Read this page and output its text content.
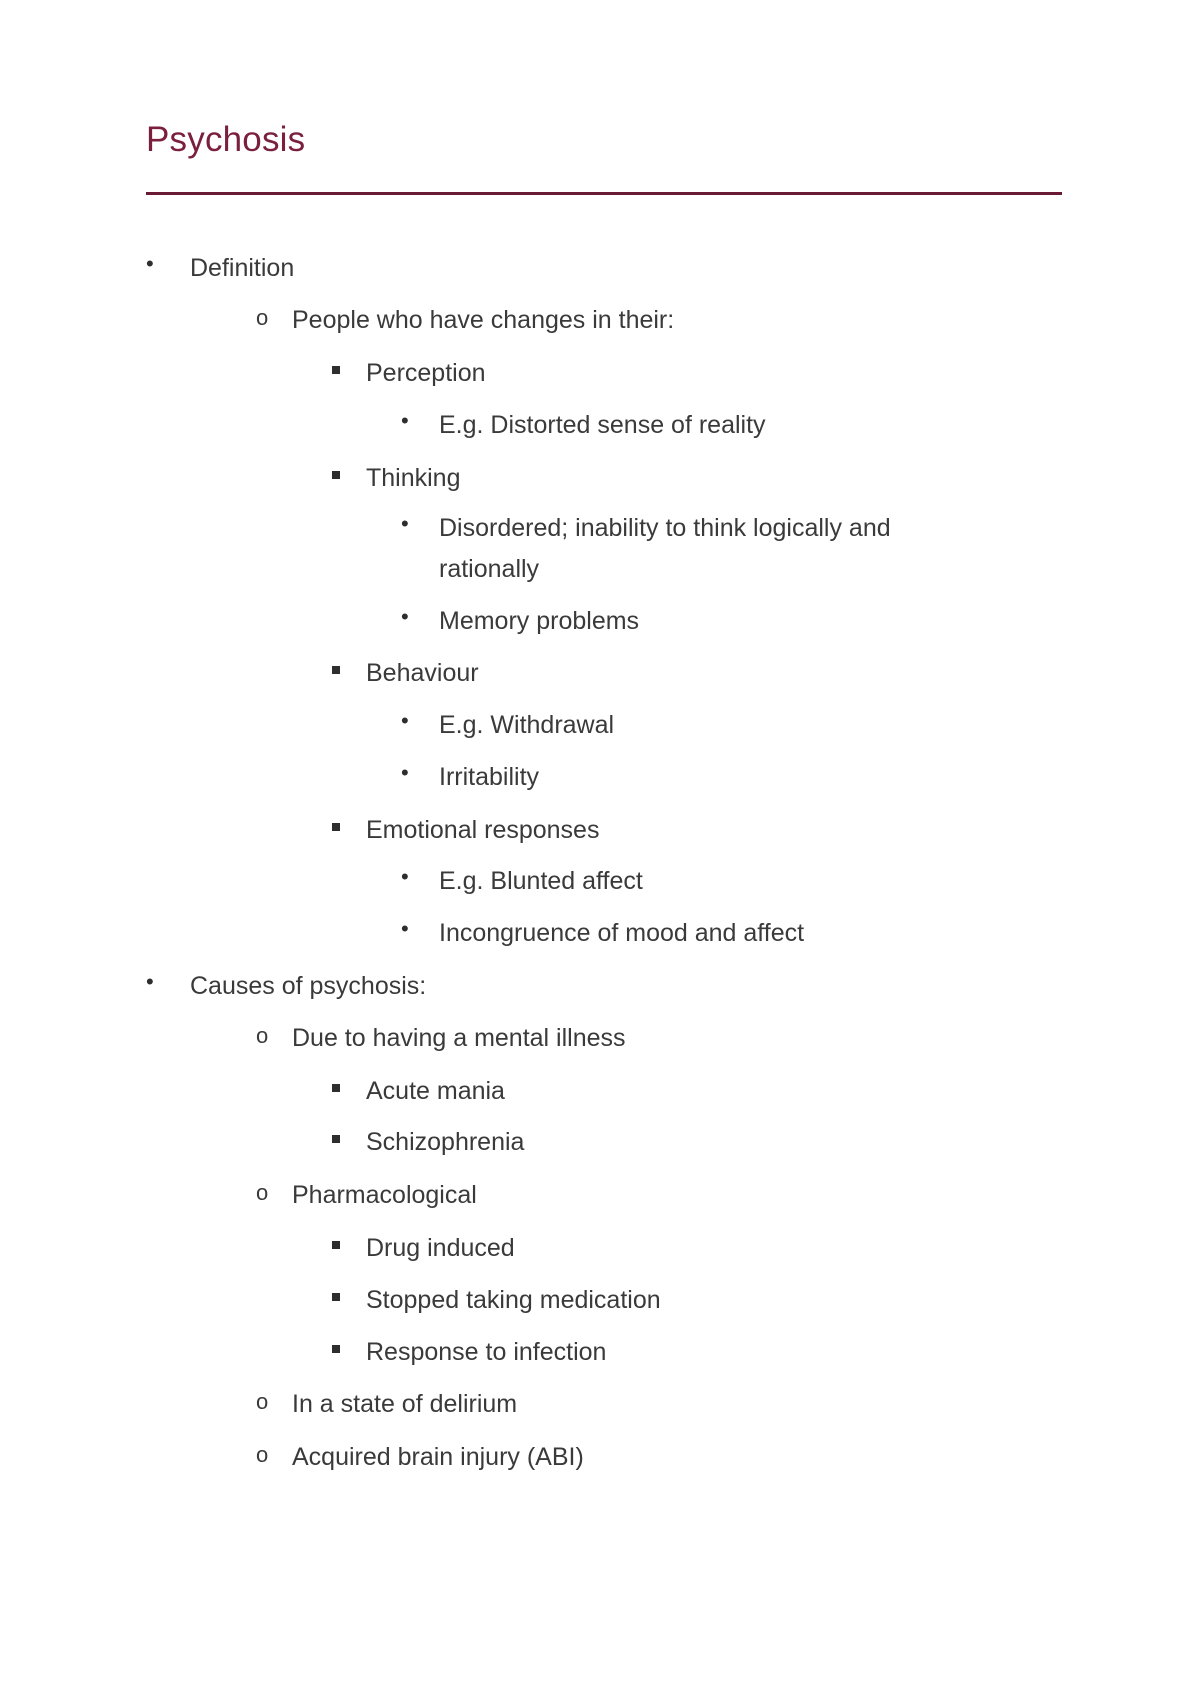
Psychosis
• Definition
o People who have changes in their:
Perception
• E.g. Distorted sense of reality
Thinking
• Disordered; inability to think logically and
rationally
• Memory problems
Behaviour
• E.g. Withdrawal
• Irritability
Emotional responses
• E.g. Blunted affect
• Incongruence of mood and affect
• Causes of psychosis:
o Due to having a mental illness
Acute mania
Schizophrenia
o Pharmacological
Drug induced
Stopped taking medication
Response to infection
o In a state of delirium
o Acquired brain injury (ABI)
